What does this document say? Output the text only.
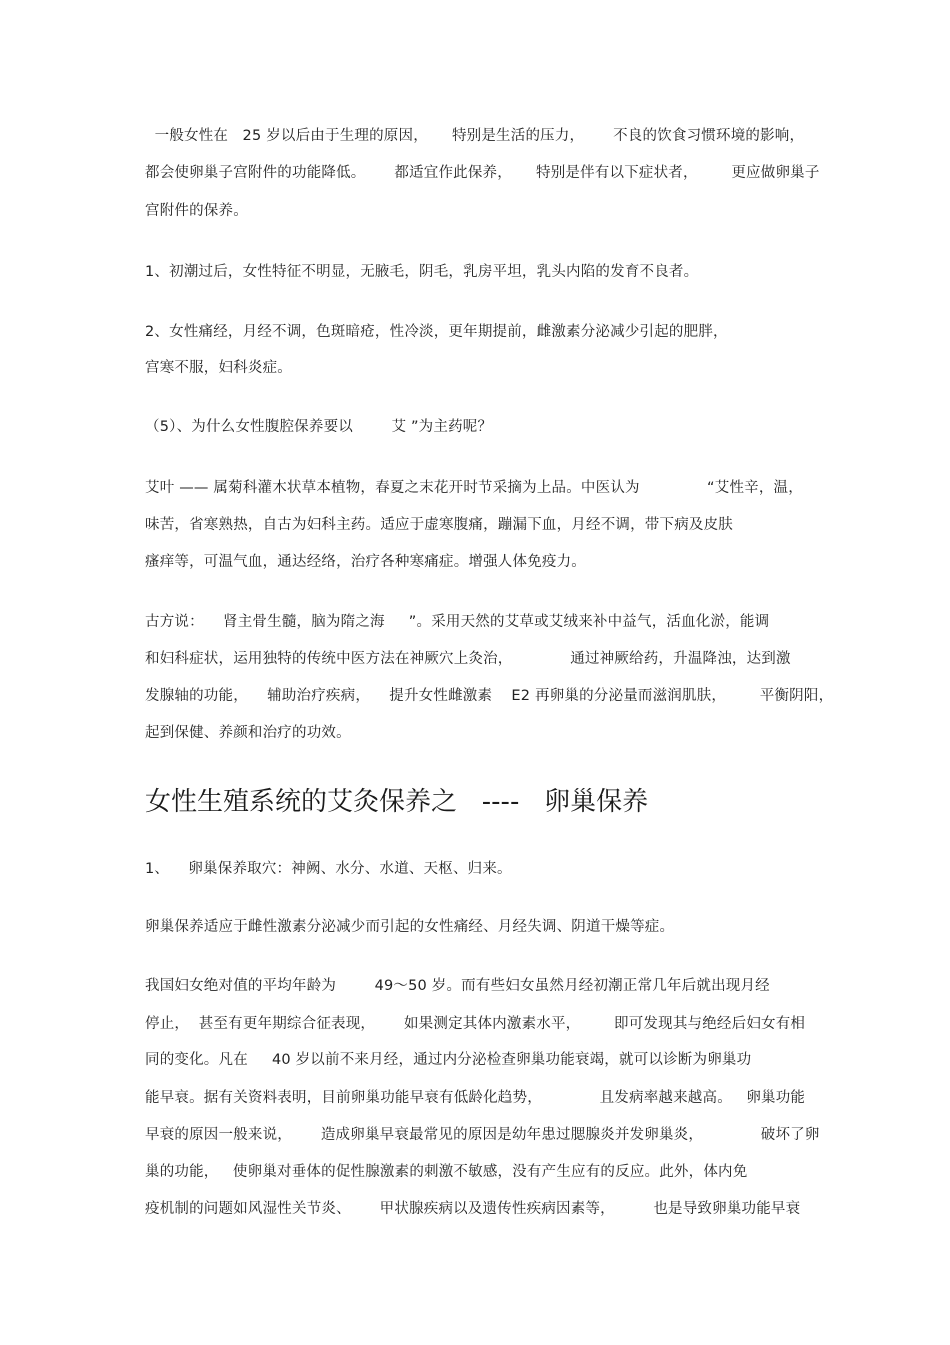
一般女性在   25 岁以后由于生理的原因，     特别是生活的压力，      不良的饮食习惯环境的影响，
都会使卵巢子宫附件的功能降低。      都适宜作此保养，     特别是伴有以下症状者，       更应做卵巢子
宫附件的保养。
1、初潮过后，女性特征不明显，无腋毛，阴毛，乳房平坦，乳头内陷的发育不良者。
2、女性痛经，月经不调，色斑暗疮，性冷淡，更年期提前，雌激素分泌减少引起的肥胖，
宫寒不服，妇科炎症。
（5）、为什么女性腹腔保养要以        艾 ”为主药呢？
艾叶 —— 属菊科灌木状草本植物，春夏之末花开时节采摘为上品。中医认为              “艾性辛，温，
味苦，省寒熟热，自古为妇科主药。适应于虚寒腹痛，蹦漏下血，月经不调，带下病及皮肤
瘙痒等，可温气血，通达经络，治疗各种寒痛症。增强人体免疫力。
古方说：    肾主骨生髓，脑为隋之海     ”。采用天然的艾草或艾绒来补中益气，活血化淤，能调
和妇科症状，运用独特的传统中医方法在神厥穴上灸治，            通过神厥给药，升温降浊，达到激
发腺轴的功能，    辅助治疗疾病，    提升女性雌激素    E2 再卵巢的分泌量而滋润肌肤，       平衡阴阳，
起到保健、养颜和治疗的功效。
女性生殖系统的艾灸保养之   ----   卵巢保养
1、    卵巢保养取穴：神阙、水分、水道、天枢、归来。
卵巢保养适应于雌性激素分泌减少而引起的女性痛经、月经失调、阴道干燥等症。
我国妇女绝对值的平均年龄为        49～50 岁。而有些妇女虽然月经初潮正常几年后就出现月经
停止，  甚至有更年期综合征表现，      如果测定其体内激素水平，       即可发现其与绝经后妇女有相
同的变化。凡在     40 岁以前不来月经，通过内分泌检查卵巢功能衰竭，就可以诊断为卵巢功
能早衰。据有关资料表明，目前卵巢功能早衰有低龄化趋势，            且发病率越来越高。   卵巢功能
早衰的原因一般来说，      造成卵巢早衰最常见的原因是幼年患过腮腺炎并发卵巢炎，            破坏了卵
巢的功能，   使卵巢对垂体的促性腺激素的刺激不敏感，没有产生应有的反应。此外，体内免
疫机制的问题如风湿性关节炎、      甲状腺疾病以及遗传性疾病因素等，        也是导致卵巢功能早衰
